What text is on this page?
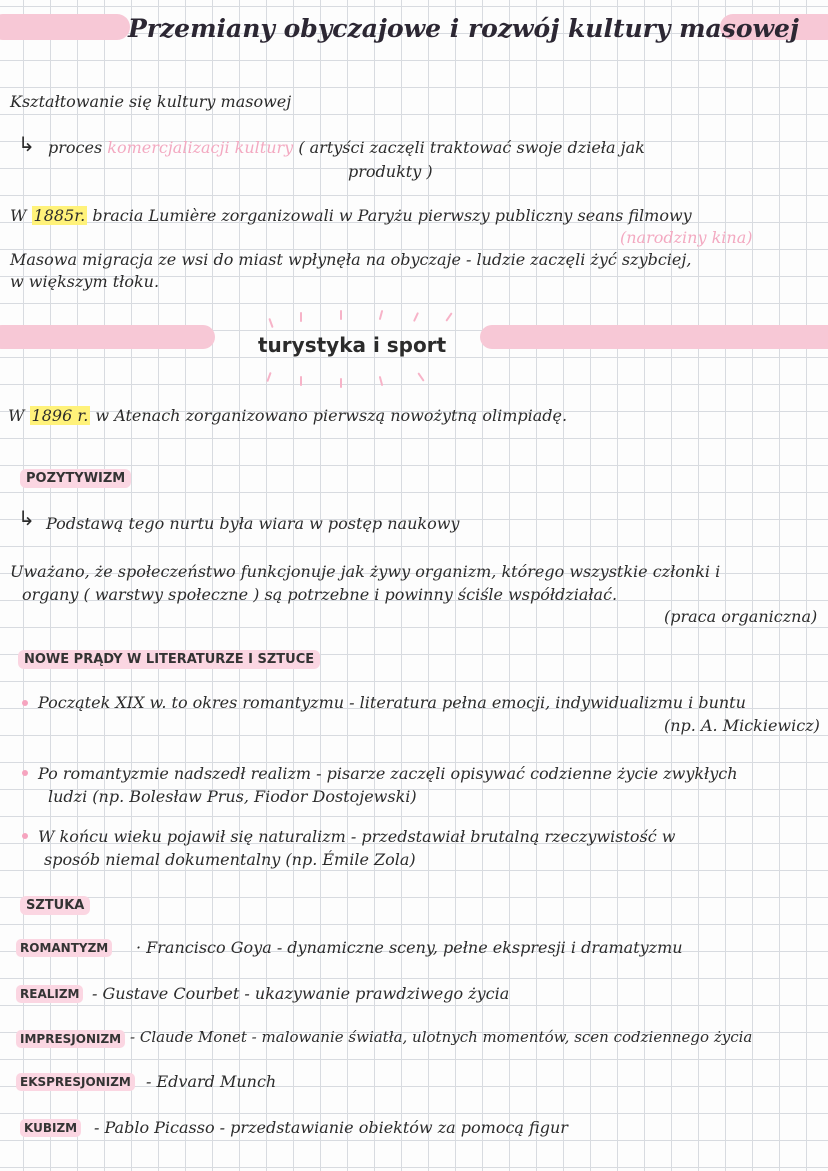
Przemiany obyczajowe i rozwój kultury masowej
Kształtowanie się kultury masowej
↳ proces komercjalizacji kultury ( artyści zaczęli traktować swoje dzieła jak
produkty )
W 1885r. bracia Lumière zorganizowali w Paryżu pierwszy publiczny seans filmowy
(narodziny kina)
Masowa migracja ze wsi do miast wpłynęła na obyczaje - ludzie zaczęli żyć szybciej,
w większym tłoku.
turystyka i sport
W 1896 r. w Atenach zorganizowano pierwszą nowożytną olimpiadę.
POZYTYWIZM
↳ Podstawą tego nurtu była wiara w postęp naukowy
Uważano, że społeczeństwo funkcjonuje jak żywy organizm, którego wszystkie członki i
organy ( warstwy społeczne ) są potrzebne i powinny ściśle współdziałać.
(praca organiczna)
NOWE PRĄDY W LITERATURZE I SZTUCE
Początek XIX w. to okres romantyzmu - literatura pełna emocji, indywidualizmu i buntu
(np. A. Mickiewicz)
Po romantyzmie nadszedł realizm - pisarze zaczęli opisywać codzienne życie zwykłych
ludzi (np. Bolesław Prus, Fiodor Dostojewski)
W końcu wieku pojawił się naturalizm - przedstawiał brutalną rzeczywistość w
sposób niemal dokumentalny (np. Émile Zola)
SZTUKA
ROMANTYZM · Francisco Goya - dynamiczne sceny, pełne ekspresji i dramatyzmu
REALIZM - Gustave Courbet - ukazywanie prawdziwego życia
IMPRESJONIZM - Claude Monet - malowanie światła, ulotnych momentów, scen codziennego życia
EKSPRESJONIZM - Edvard Munch
KUBIZM - Pablo Picasso - przedstawianie obiektów za pomocą figur
